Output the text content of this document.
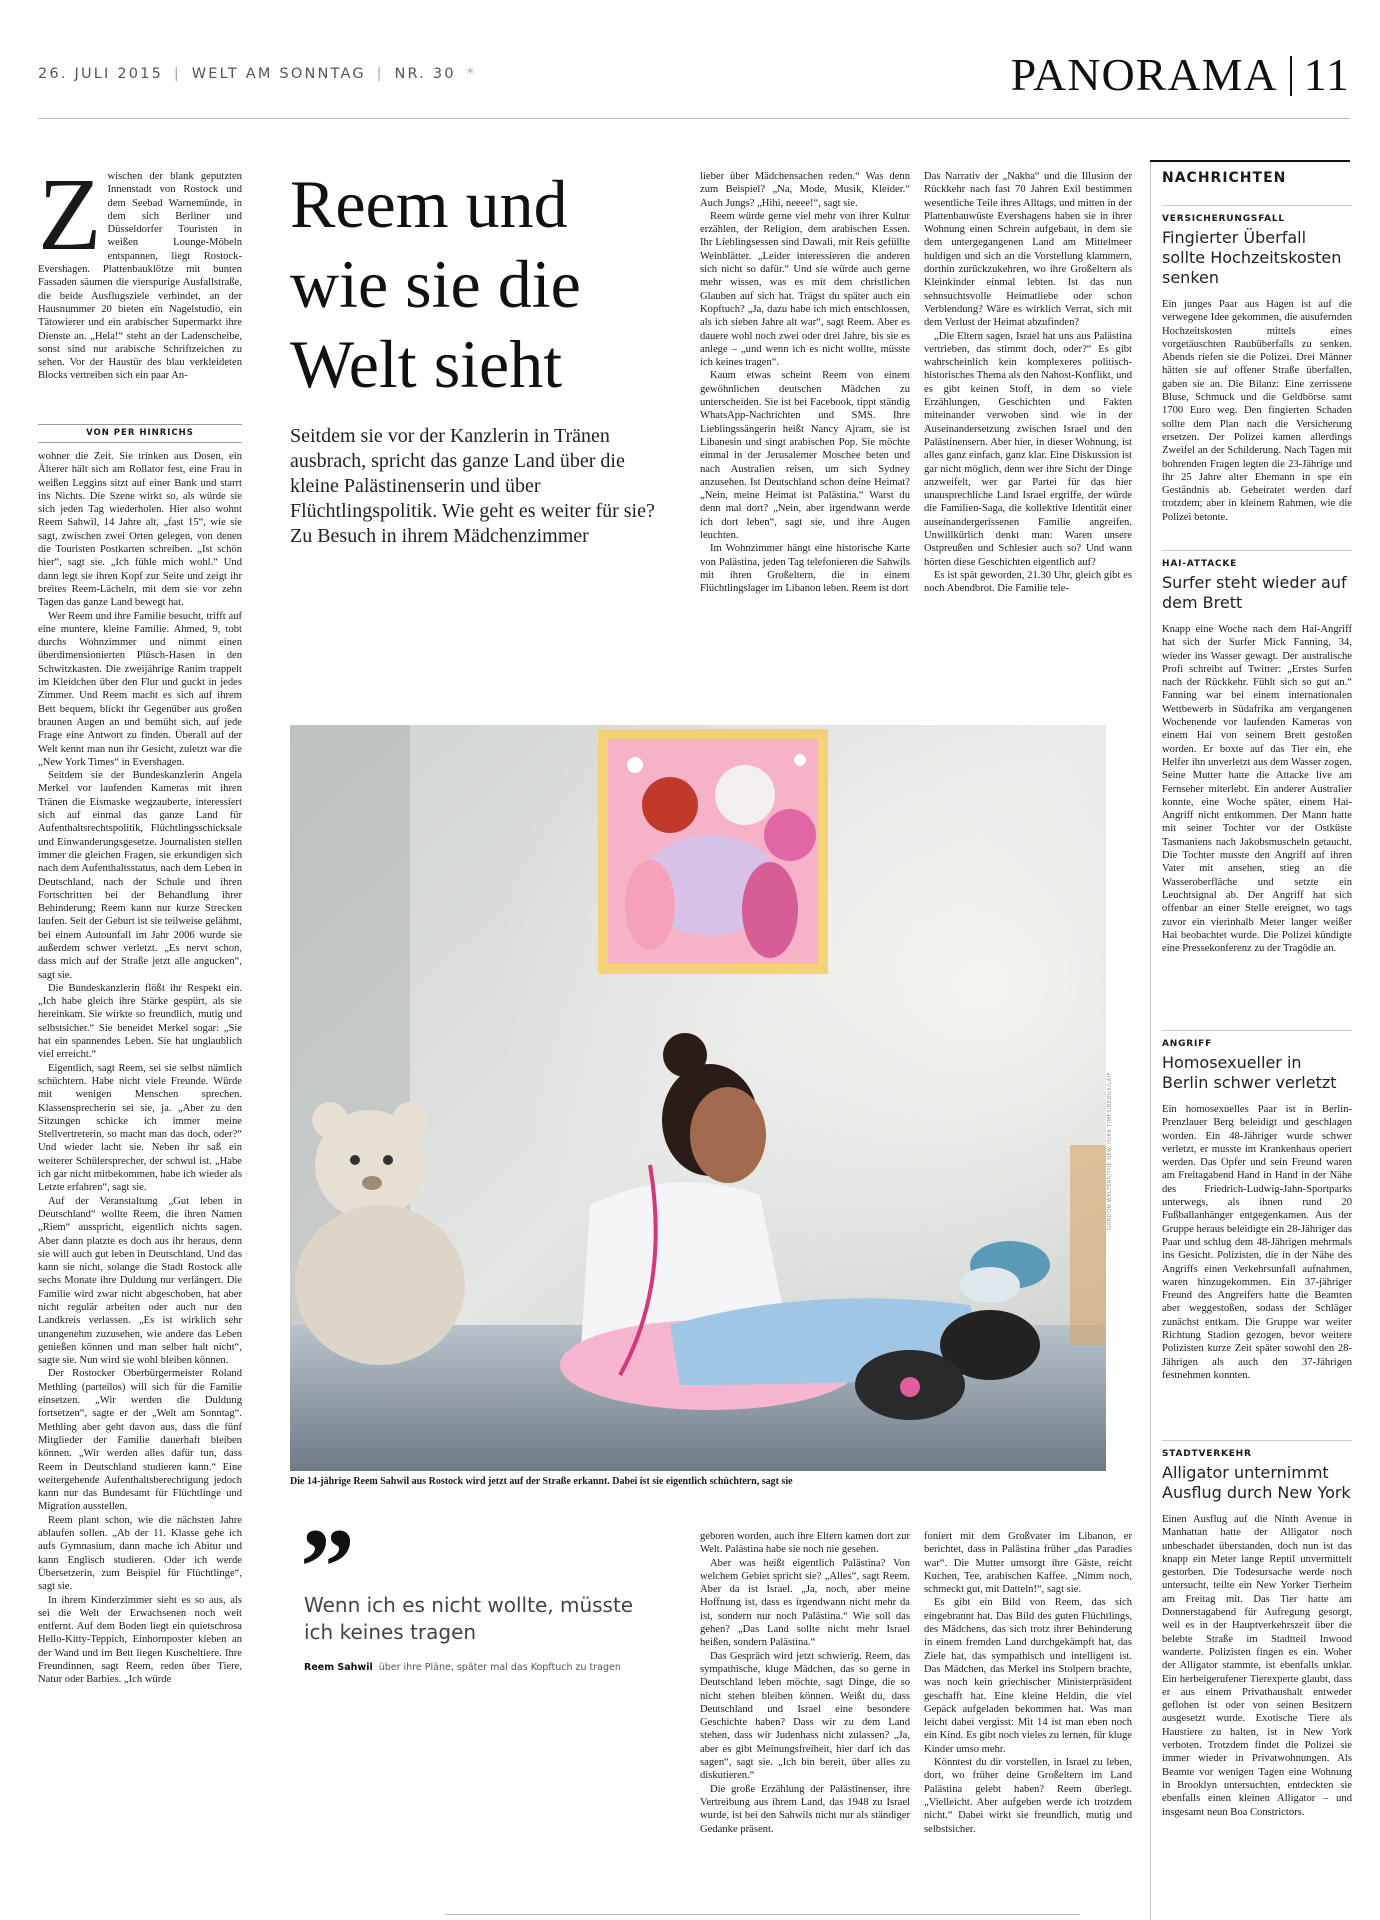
26. JULI 2015 | WELT AM SONNTAG | NR. 30 *	PANORAMA 11
Z wischen der blank geputzten Innenstadt von Rostock und dem Seebad Warnemünde, in dem sich Berliner und Düsseldorfer Touristen in weißen Lounge-Möbeln entspannen, liegt Rostock-Evershagen. Plattenbauklötze mit bunten Fassaden säumen die vierspurige Ausfallstraße, die beide Ausflugsziele verbindet, an der Hausnummer 20 bieten ein Nagelstudio, ein Tätowierer und ein arabischer Supermarkt ihre Dienste an. „Hela!“ steht an der Ladenscheibe, sonst sind nur arabische Schriftzeichen zu sehen. Vor der Haustür des blau verkleideten Blocks vertreiben sich ein paar An-
VON PER HINRICHS

wohner die Zeit. Sie trinken aus Dosen, ein Älterer hält sich am Rollator fest, eine Frau in weißen Leggins sitzt auf einer Bank und starrt ins Nichts. Die Szene wirkt so, als würde sie sich jeden Tag wiederholen. Hier also wohnt Reem Sahwil, 14 Jahre alt, „fast 15“, wie sie sagt, zwischen zwei Orten gelegen, von denen die Touristen Postkarten schreiben. „Ist schön hier“, sagt sie. „Ich fühle mich wohl.“ Und dann legt sie ihren Kopf zur Seite und zeigt ihr breites Reem-Lächeln, mit dem sie vor zehn Tagen das ganze Land bewegt hat.

Wer Reem und ihre Familie besucht, trifft auf eine muntere, kleine Familie. Ahmed, 9, tobt durchs Wohnzimmer und nimmt einen überdimensionierten Plüsch-Hasen in den Schwitzkasten. Die zweijährige Ranim trappelt im Kleidchen über den Flur und guckt in jedes Zimmer. Und Reem macht es sich auf ihrem Bett bequem, blickt ihr Gegenüber aus großen braunen Augen an und bemüht sich, auf jede Frage eine Antwort zu finden. Überall auf der Welt kennt man nun ihr Gesicht, zuletzt war die „New York Times“ in Evershagen.

Seitdem sie der Bundeskanzlerin Angela Merkel vor laufenden Kameras mit ihren Tränen die Eismaske wegzauberte, interessiert sich auf einmal das ganze Land für Aufenthaltsrechtspolitik, Flüchtlingsschicksale und Einwanderungsgesetze. Journalisten stellen immer die gleichen Fragen, sie erkundigen sich nach dem Aufenthaltsstatus, nach dem Leben in Deutschland, nach der Schule und ihren Fortschritten bei der Behandlung ihrer Behinderung; Reem kann nur kurze Strecken laufen. Seit der Geburt ist sie teilweise gelähmt, bei einem Autounfall im Jahr 2006 wurde sie außerdem schwer verletzt. „Es nervt schon, dass mich auf der Straße jetzt alle angucken“, sagt sie.

Die Bundeskanzlerin flößt ihr Respekt ein. „Ich habe gleich ihre Stärke gespürt, als sie hereinkam. Sie wirkte so freundlich, mutig und selbstsicher.“ Sie beneidet Merkel sogar: „Sie hat ein spannendes Leben. Sie hat unglaublich viel erreicht.“

Eigentlich, sagt Reem, sei sie selbst nämlich schüchtern. Habe nicht viele Freunde. Würde mit wenigen Menschen sprechen. Klassensprecherin sei sie, ja. „Aber zu den Sitzungen schicke ich immer meine Stellvertreterin, so macht man das doch, oder?“ Und wieder lacht sie. Neben ihr saß ein weiterer Schülersprecher, der schwul ist. „Habe ich gar nicht mitbekommen, habe ich wieder als Letzte erfahren“, sagt sie.

Auf der Veranstaltung „Gut leben in Deutschland“ wollte Reem, die ihren Namen „Riem“ ausspricht, eigentlich nichts sagen. Aber dann platzte es doch aus ihr heraus, denn sie will auch gut leben in Deutschland. Und das kann sie nicht, solange die Stadt Rostock alle sechs Monate ihre Duldung nur verlängert. Die Familie wird zwar nicht abgeschoben, hat aber nicht regulär arbeiten oder auch nur den Landkreis verlassen. „Es ist wirklich sehr unangenehm zuzusehen, wie andere das Leben genießen können und man selber halt nicht“, sagte sie. Nun wird sie wohl bleiben können.

Der Rostocker Oberbürgermeister Roland Methling (parteilos) will sich für die Familie einsetzen. „Wir werden die Duldung fortsetzen“, sagte er der „Welt am Sonntag“. Methling aber geht davon aus, dass die fünf Mitglieder der Familie dauerhaft bleiben können. „Wir werden alles dafür tun, dass Reem in Deutschland studieren kann.“ Eine weitergehende Aufenthaltsberechtigung jedoch kann nur das Bundesamt für Flüchtlinge und Migration ausstellen.

Reem plant schon, wie die nächsten Jahre ablaufen sollen. „Ab der 11. Klasse gehe ich aufs Gymnasium, dann mache ich Abitur und kann Englisch studieren. Oder ich werde Übersetzerin, zum Beispiel für Flüchtlinge“, sagt sie.

In ihrem Kinderzimmer sieht es so aus, als sei die Welt der Erwachsenen noch weit entfernt. Auf dem Boden liegt ein quietschrosa Hello-Kitty-Teppich, Einhornposter kleben an der Wand und im Bett liegen Kuscheltiere. Ihre Freundinnen, sagt Reem, reden über Tiere, Natur oder Barbies. „Ich würde

Reem und wie sie die Welt sieht
Seitdem sie vor der Kanzlerin in Tränen ausbrach, spricht das ganze Land über die kleine Palästinenserin und über Flüchtlingspolitik. Wie geht es weiter für sie? Zu Besuch in ihrem Mädchenzimmer

lieber über Mädchensachen reden.“ Was denn zum Beispiel? „Na, Mode, Musik, Kleider.“ Auch Jungs? „Hihi, neeee!“, sagt sie.

Reem würde gerne viel mehr von ihrer Kultur erzählen, der Religion, dem arabischen Essen. Ihr Lieblingsessen sind Dawali, mit Reis gefüllte Weinblätter. „Leider interessieren die anderen sich nicht so dafür.“ Und sie würde auch gerne mehr wissen, was es mit dem christlichen Glauben auf sich hat. Trägst du später auch ein Kopftuch? „Ja, dazu habe ich mich entschlossen, als ich sieben Jahre alt war“, sagt Reem. Aber es dauere wohl noch zwei oder drei Jahre, bis sie es anlege – „und wenn ich es nicht wollte, müsste ich keines tragen“.

Kaum etwas scheint Reem von einem gewöhnlichen deutschen Mädchen zu unterscheiden. Sie ist bei Facebook, tippt ständig WhatsApp-Nachrichten und SMS. Ihre Lieblingssängerin heißt Nancy Ajram, sie ist Libanesin und singt arabischen Pop. Sie möchte einmal in der Jerusalemer Moschee beten und nach Australien reisen, um sich Sydney anzusehen. Ist Deutschland schon deine Heimat? „Nein, meine Heimat ist Palästina.“ Warst du denn mal dort? „Nein, aber irgendwann werde ich dort leben“, sagt sie, und ihre Augen leuchten.

Im Wohnzimmer hängt eine historische Karte von Palästina, jeden Tag telefonieren die Sahwils mit ihren Großeltern, die in einem Flüchtlingslager im Libanon leben. Reem ist dort

Das Narrativ der „Nakba“ und die Illusion der Rückkehr nach fast 70 Jahren Exil bestimmen wesentliche Teile ihres Alltags, und mitten in der Plattenbauwüste Evershagens haben sie in ihrer Wohnung einen Schrein aufgebaut, in dem sie dem untergegangenen Land am Mittelmeer huldigen und sich an die Vorstellung klammern, dorthin zurückzukehren, wo ihre Großeltern als Kleinkinder einmal lebten. Ist das nun sehnsuchtsvolle Heimatliebe oder schon Verblendung? Wäre es wirklich Verrat, sich mit dem Verlust der Heimat abzufinden?

„Die Eltern sagen, Israel hat uns aus Palästina vertrieben, das stimmt doch, oder?“ Es gibt wahrscheinlich kein komplexeres politisch-historisches Thema als den Nahost-Konflikt, und es gibt keinen Stoff, in dem so viele Erzählungen, Geschichten und Fakten miteinander verwoben sind wie in der Auseinandersetzung zwischen Israel und den Palästinensern. Aber hier, in dieser Wohnung, ist alles ganz einfach, ganz klar. Eine Diskussion ist gar nicht möglich, denn wer ihre Sicht der Dinge anzweifelt, wer gar Partei für das hier unausprechliche Land Israel ergriffe, der würde die Familien-Saga, die kollektive Identität einer auseinandergerissenen Familie angreifen. Unwillkürlich denkt man: Waren unsere Ostpreußen und Schlesier auch so? Und wann hörten diese Geschichten eigentlich auf?

Es ist spät geworden, 21.30 Uhr, gleich gibt es noch Abendbrot. Die Familie tele-

GORDON WELTERS/THE NEW YORK TIMES/REDUX/LAIF
Die 14-jährige Reem Sahwil aus Rostock wird jetzt auf der Straße erkannt. Dabei ist sie eigentlich schüchtern, sagt sie
”
Wenn ich es nicht wollte, müsste ich keines tragen
Reem Sahwil über ihre Pläne, später mal das Kopftuch zu tragen

geboren worden, auch ihre Eltern kamen dort zur Welt. Palästina habe sie noch nie gesehen.

Aber was heißt eigentlich Palästina? Von welchem Gebiet spricht sie? „Alles“, sagt Reem. Aber da ist Israel. „Ja, noch, aber meine Hoffnung ist, dass es irgendwann nicht mehr da ist, sondern nur noch Palästina.“ Wie soll das gehen? „Das Land sollte nicht mehr Israel heißen, sondern Palästina.“

Das Gespräch wird jetzt schwierig. Reem, das sympathische, kluge Mädchen, das so gerne in Deutschland leben möchte, sagt Dinge, die so nicht stehen bleiben können. Weißt du, dass Deutschland und Israel eine besondere Geschichte haben? Dass wir zu dem Land stehen, dass wir Judenhass nicht zulassen? „Ja, aber es gibt Meinungsfreiheit, hier darf ich das sagen“, sagt sie. „Ich bin bereit, über alles zu diskutieren.“

Die große Erzählung der Palästinenser, ihre Vertreibung aus ihrem Land, das 1948 zu Israel wurde, ist bei den Sahwils nicht nur als ständiger Gedanke präsent.

foniert mit dem Großvater im Libanon, er berichtet, dass in Palästina früher „das Paradies war“. Die Mutter umsorgt ihre Gäste, reicht Kuchen, Tee, arabischen Kaffee. „Nimm noch, schmeckt gut, mit Datteln!“, sagt sie.

Es gibt ein Bild von Reem, das sich eingebrannt hat. Das Bild des guten Flüchtlings, des Mädchens, das sich trotz ihrer Behinderung in einem fremden Land durchgekämpft hat, das Ziele hat, das sympathisch und intelligent ist. Das Mädchen, das Merkel ins Stolpern brachte, was noch kein griechischer Ministerpräsident geschafft hat. Eine kleine Heldin, die viel Gepäck aufgeladen bekommen hat. Was man leicht dabei vergisst: Mit 14 ist man eben noch ein Kind. Es gibt noch vieles zu lernen, für kluge Kinder umso mehr.

Könntest du dir vorstellen, in Israel zu leben, dort, wo früher deine Großeltern im Land Palästina gelebt haben? Reem überlegt. „Vielleicht. Aber aufgeben werde ich trotzdem nicht.“ Dabei wirkt sie freundlich, mutig und selbstsicher.

NACHRICHTEN
VERSICHERUNGSFALL
Fingierter Überfall sollte Hochzeitskosten senken
Ein junges Paar aus Hagen ist auf die verwegene Idee gekommen, die ausufernden Hochzeitskosten mittels eines vorgetäuschten Raubüberfalls zu senken. Abends riefen sie die Polizei. Drei Männer hätten sie auf offener Straße überfallen, gaben sie an. Die Bilanz: Eine zerrissene Bluse, Schmuck und die Geldbörse samt 1700 Euro weg. Den fingierten Schaden sollte dem Plan nach die Versicherung ersetzen. Der Polizei kamen allerdings Zweifel an der Schilderung. Nach Tagen mit bohrenden Fragen legten die 23-Jährige und ihr 25 Jahre alter Ehemann in spe ein Geständnis ab. Geheiratet werden darf trotzdem; aber in kleinem Rahmen, wie die Polizei betonte.
HAI-ATTACKE
Surfer steht wieder auf dem Brett
Knapp eine Woche nach dem Hai-Angriff hat sich der Surfer Mick Fanning, 34, wieder ins Wasser gewagt. Der australische Profi schreibt auf Twitter: „Erstes Surfen nach der Rückkehr. Fühlt sich so gut an.“ Fanning war bei einem internationalen Wettbewerb in Südafrika am vergangenen Wochenende vor laufenden Kameras von einem Hai von seinem Brett gestoßen worden. Er boxte auf das Tier ein, ehe Helfer ihn unverletzt aus dem Wasser zogen. Seine Mutter hatte die Attacke live am Fernseher miterlebt. Ein anderer Australier konnte, eine Woche später, einem Hai-Angriff nicht entkommen. Der Mann hatte mit seiner Tochter vor der Ostküste Tasmaniens nach Jakobsmuscheln getaucht. Die Tochter musste den Angriff auf ihren Vater mit ansehen, stieg an die Wasseroberfläche und setzte ein Leuchtsignal ab. Der Angriff hat sich offenbar an einer Stelle ereignet, wo tags zuvor ein vierinhalb Meter langer weißer Hai beobachtet wurde. Die Polizei kündigte eine Pressekonferenz zu der Tragödie an.
ANGRIFF
Homosexueller in Berlin schwer verletzt
Ein homosexuelles Paar ist in Berlin-Prenzlauer Berg beleidigt und geschlagen worden. Ein 48-Jähriger wurde schwer verletzt, er musste im Krankenhaus operiert werden. Das Opfer und sein Freund waren am Freitagabend Hand in Hand in der Nähe des Friedrich-Ludwig-Jahn-Sportparks unterwegs, als ihnen rund 20 Fußballanhänger entgegenkamen. Aus der Gruppe heraus beleidigte ein 28-Jähriger das Paar und schlug dem 48-Jährigen mehrmals ins Gesicht. Polizisten, die in der Nähe des Angriffs einen Verkehrsunfall aufnahmen, waren hinzugekommen. Ein 37-jähriger Freund des Angreifers hatte die Beamten aber weggestoßen, sodass der Schläger zunächst entkam. Die Gruppe war weiter Richtung Stadion gezogen, bevor weitere Polizisten kurze Zeit später sowohl den 28-Jährigen als auch den 37-Jährigen festnehmen konnten.
STADTVERKEHR
Alligator unternimmt Ausflug durch New York
Einen Ausflug auf die Ninth Avenue in Manhattan hatte der Alligator noch unbeschadet überstanden, doch nun ist das knapp ein Meter lange Reptil unvermittelt gestorben. Die Todesursache werde noch untersucht, teilte ein New Yorker Tierheim am Freitag mit. Das Tier hatte am Donnerstagabend für Aufregung gesorgt, weil es in der Hauptverkehrszeit über die belebte Straße im Stadtteil Inwood wanderte. Polizisten fingen es ein. Woher der Alligator stammte, ist ebenfalls unklar. Ein herbeigerufener Tierexperte glaubt, dass er aus einem Privathaushalt entweder geflohen ist oder von seinen Besitzern ausgesetzt wurde. Exotische Tiere als Haustiere zu halten, ist in New York verboten. Trotzdem findet die Polizei sie immer wieder in Privatwohnungen. Als Beamte vor wenigen Tagen eine Wohnung in Brooklyn untersuchten, entdeckten sie ebenfalls einen kleinen Alligator – und insgesamt neun Boa Constrictors.
